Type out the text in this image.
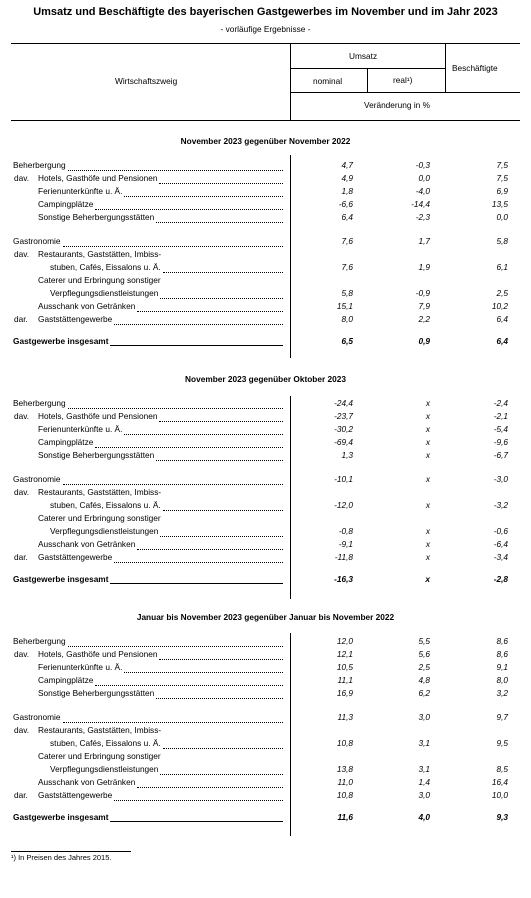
Umsatz und Beschäftigte des bayerischen Gastgewerbes im November und im Jahr 2023
- vorläufige Ergebnisse -
Wirtschaftszweig
Umsatz
nominal	real¹)
Beschäftigte
Veränderung in %
November 2023 gegenüber November 2022
Beherbergung	4,7	-0,3	7,5
dav. Hotels, Gasthöfe und Pensionen	4,9	0,0	7,5
Ferienunterkünfte u. Ä.	1,8	-4,0	6,9
Campingplätze	-6,6	-14,4	13,5
Sonstige Beherbergungsstätten	6,4	-2,3	0,0
Gastronomie	7,6	1,7	5,8
dav. Restaurants, Gaststätten, Imbiss-
stuben, Cafés, Eissalons u. Ä.	7,6	1,9	6,1
Caterer und Erbringung sonstiger
Verpflegungsdienstleistungen	5,8	-0,9	2,5
Ausschank von Getränken	15,1	7,9	10,2
dar. Gaststättengewerbe	8,0	2,2	6,4
Gastgewerbe insgesamt	6,5	0,9	6,4
November 2023 gegenüber Oktober 2023
Beherbergung	-24,4	x	-2,4
dav. Hotels, Gasthöfe und Pensionen	-23,7	x	-2,1
Ferienunterkünfte u. Ä.	-30,2	x	-5,4
Campingplätze	-69,4	x	-9,6
Sonstige Beherbergungsstätten	1,3	x	-6,7
Gastronomie	-10,1	x	-3,0
dav. Restaurants, Gaststätten, Imbiss-
stuben, Cafés, Eissalons u. Ä.	-12,0	x	-3,2
Caterer und Erbringung sonstiger
Verpflegungsdienstleistungen	-0,8	x	-0,6
Ausschank von Getränken	-9,1	x	-6,4
dar. Gaststättengewerbe	-11,8	x	-3,4
Gastgewerbe insgesamt	-16,3	x	-2,8
Januar bis November 2023 gegenüber Januar bis November 2022
Beherbergung	12,0	5,5	8,6
dav. Hotels, Gasthöfe und Pensionen	12,1	5,6	8,6
Ferienunterkünfte u. Ä.	10,5	2,5	9,1
Campingplätze	11,1	4,8	8,0
Sonstige Beherbergungsstätten	16,9	6,2	3,2
Gastronomie	11,3	3,0	9,7
dav. Restaurants, Gaststätten, Imbiss-
stuben, Cafés, Eissalons u. Ä.	10,8	3,1	9,5
Caterer und Erbringung sonstiger
Verpflegungsdienstleistungen	13,8	3,1	8,5
Ausschank von Getränken	11,0	1,4	16,4
dar. Gaststättengewerbe	10,8	3,0	10,0
Gastgewerbe insgesamt	11,6	4,0	9,3
¹) In Preisen des Jahres 2015.
